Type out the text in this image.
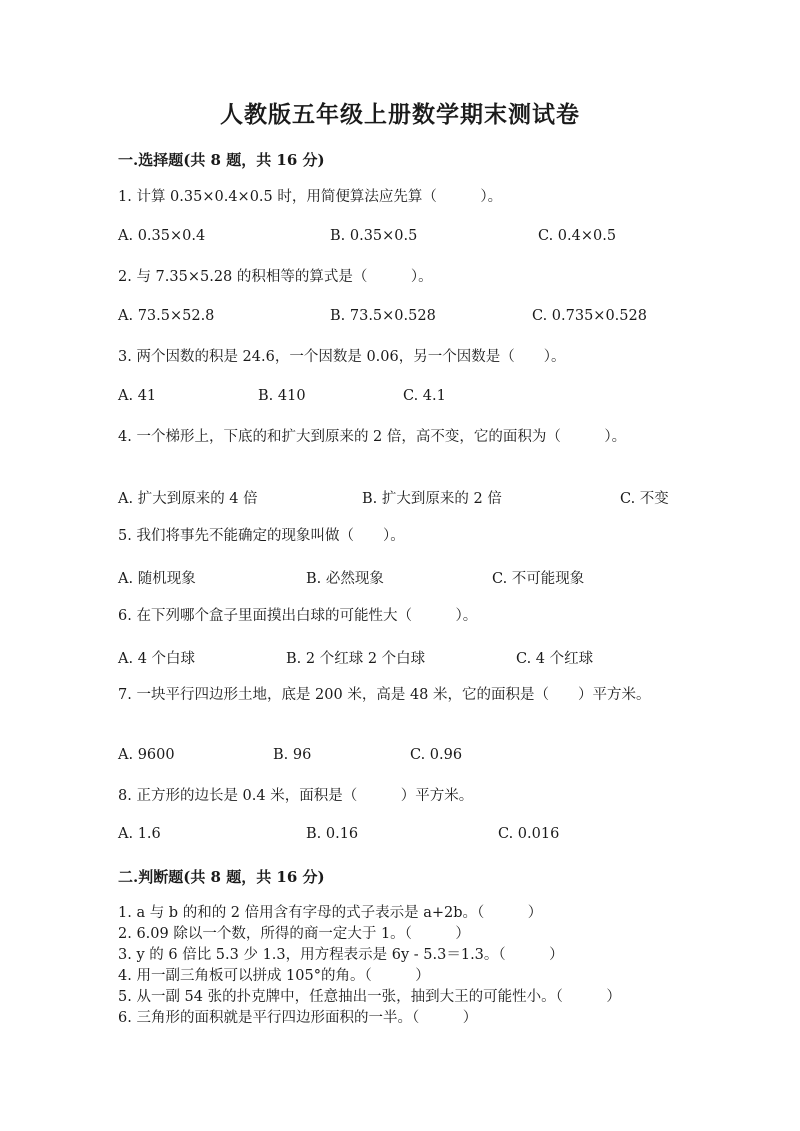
人教版五年级上册数学期末测试卷
一.选择题(共 8 题，共 16 分)
1. 计算 0.35×0.4×0.5 时，用简便算法应先算（　　　）。
A. 0.35×0.4	B. 0.35×0.5	C. 0.4×0.5
2. 与 7.35×5.28 的积相等的算式是（　　　）。
A. 73.5×52.8	B. 73.5×0.528	C. 0.735×0.528
3. 两个因数的积是 24.6，一个因数是 0.06，另一个因数是（　　）。
A. 41	B. 410	C. 4.1
4. 一个梯形上，下底的和扩大到原来的 2 倍，高不变，它的面积为（　　　）。
A. 扩大到原来的 4 倍	B. 扩大到原来的 2 倍	C. 不变
5. 我们将事先不能确定的现象叫做（　　）。
A. 随机现象	B. 必然现象	C. 不可能现象
6. 在下列哪个盒子里面摸出白球的可能性大（　　　）。
A. 4 个白球	B. 2 个红球 2 个白球	C. 4 个红球
7. 一块平行四边形土地，底是 200 米，高是 48 米，它的面积是（　　）平方米。
A. 9600	B. 96	C. 0.96
8. 正方形的边长是 0.4 米，面积是（　　　）平方米。
A. 1.6	B. 0.16	C. 0.016
二.判断题(共 8 题，共 16 分)
1. a 与 b 的和的 2 倍用含有字母的式子表示是 a+2b。（　　　）
2. 6.09 除以一个数，所得的商一定大于 1。（　　　）
3. y 的 6 倍比 5.3 少 1.3，用方程表示是 6y - 5.3＝1.3。（　　　）
4. 用一副三角板可以拼成 105°的角。（　　　）
5. 从一副 54 张的扑克牌中，任意抽出一张，抽到大王的可能性小。（　　　）
6. 三角形的面积就是平行四边形面积的一半。（　　　）
